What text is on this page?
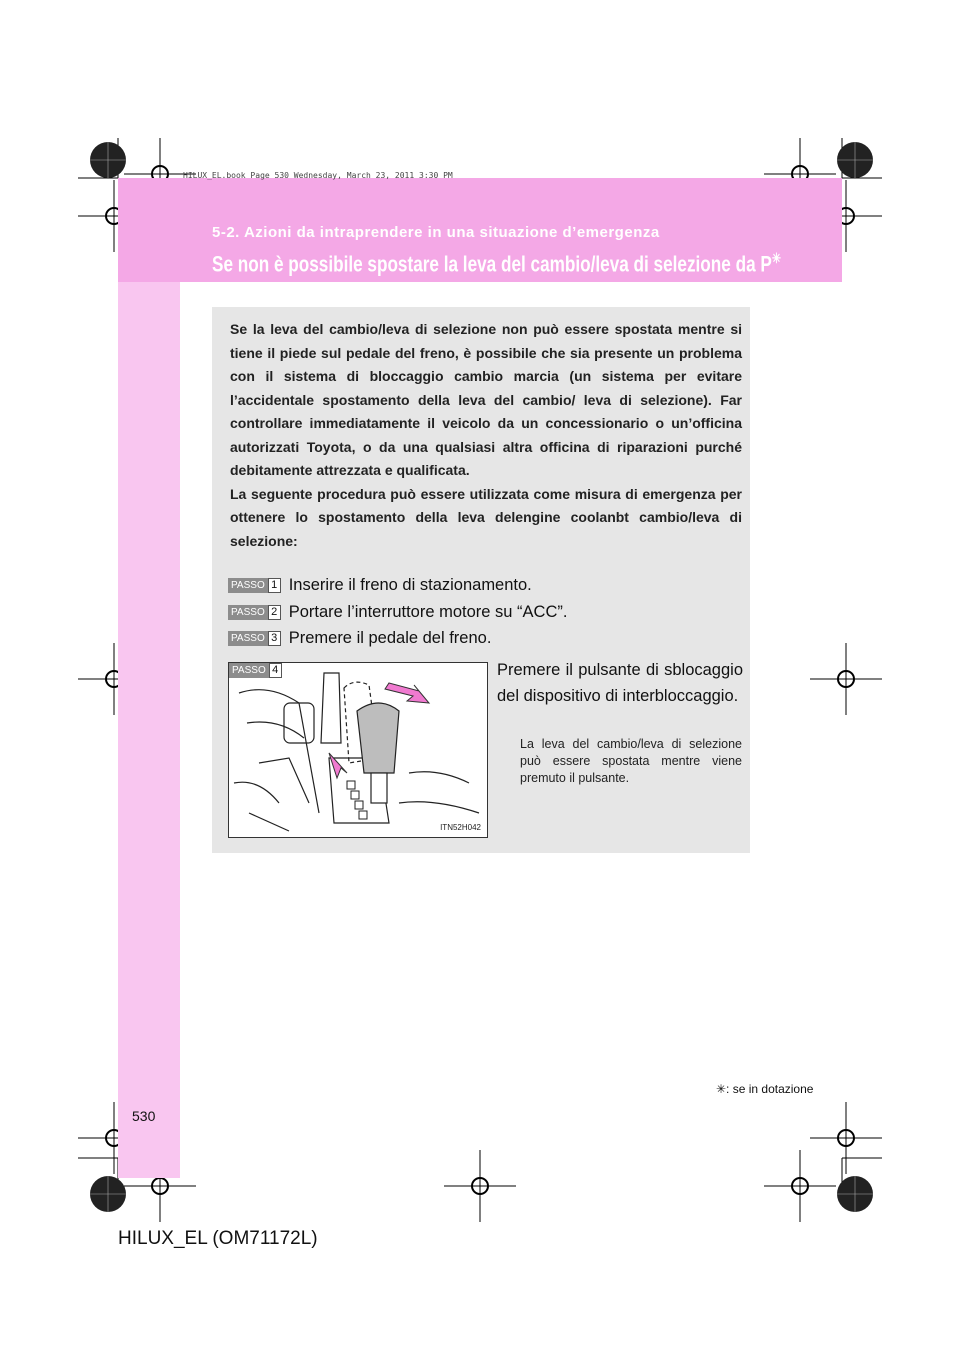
HILUX_EL.book Page 530 Wednesday, March 23, 2011 3:30 PM
5-2. Azioni da intraprendere in una situazione d’emergenza
Se non è possibile spostare la leva del cambio/leva di selezione da P✳

Se la leva del cambio/leva di selezione non può essere spostata mentre si tiene il piede sul pedale del freno, è possibile che sia presente un problema con il sistema di bloccaggio cambio marcia (un sistema per evitare l’accidentale spostamento della leva del cambio/ leva di selezione). Far controllare immediatamente il veicolo da un concessionario o un’officina autorizzati Toyota, o da una qualsiasi altra officina di riparazioni purché debitamente attrezzata e qualificata.

La seguente procedura può essere utilizzata come misura di emergenza per ottenere lo spostamento della leva delengine coolanbt cambio/leva di selezione:

PASSO 1 Inserire il freno di stazionamento.
PASSO 2 Portare l’interruttore motore su “ACC”.
PASSO 3 Premere il pedale del freno.
PASSO 4
ITN52H042
Premere il pulsante di sblocaggio del dispositivo di interbloccaggio.
La leva del cambio/leva di selezione può essere spostata mentre viene premuto il pulsante.
✳: se in dotazione
530
HILUX_EL (OM71172L)
